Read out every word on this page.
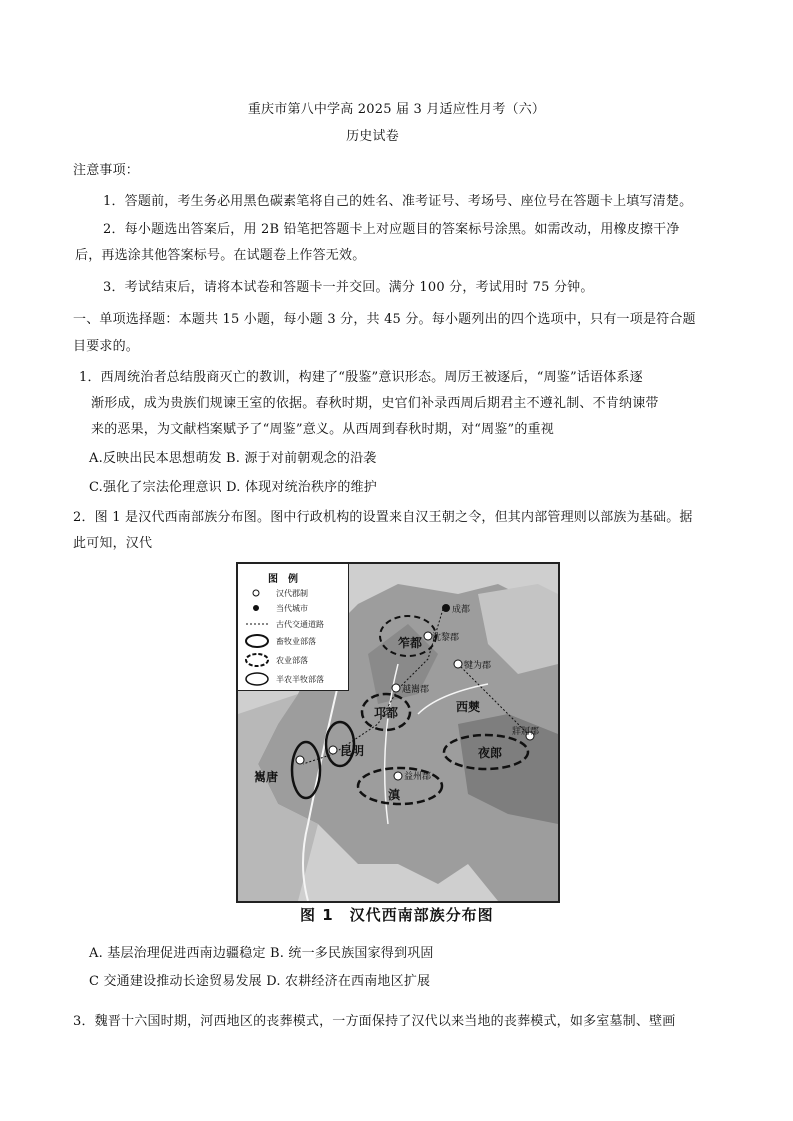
重庆市第八中学高 2025 届 3 月适应性月考（六）
历史试卷
注意事项：
1．答题前，考生务必用黑色碳素笔将自己的姓名、准考证号、考场号、座位号在答题卡上填写清楚。
2．每小题选出答案后，用 2B 铅笔把答题卡上对应题目的答案标号涂黑。如需改动，用橡皮擦干净
后，再选涂其他答案标号。在试题卷上作答无效。
3．考试结束后，请将本试卷和答题卡一并交回。满分 100 分，考试用时 75 分钟。
一、单项选择题：本题共 15 小题，每小题 3 分，共 45 分。每小题列出的四个选项中，只有一项是符合题
目要求的。
1．西周统治者总结殷商灭亡的教训，构建了“殷鉴”意识形态。周厉王被逐后，“周鉴”话语体系逐
渐形成，成为贵族们规谏王室的依据。春秋时期，史官们补录西周后期君主不遵礼制、不肯纳谏带
来的恶果，为文献档案赋予了“周鉴”意义。从西周到春秋时期，对“周鉴”的重视
A.反映出民本思想萌发 B. 源于对前朝观念的沿袭
C.强化了宗法伦理意识 D. 体现对统治秩序的维护
2．图 1 是汉代西南部族分布图。图中行政机构的设置来自汉王朝之令，但其内部管理则以部族为基础。据
此可知，汉代
图　例
汉代郡制
当代城市
古代交通道路
畜牧业部落
农业部落
半农半牧部落
成都
笮都 沈黎郡
犍为郡
越巂郡
邛都	西僰
牂牁郡
夜郎
昆明
嶲唐	益州郡
滇
图 1　汉代西南部族分布图
A. 基层治理促进西南边疆稳定 B. 统一多民族国家得到巩固
C 交通建设推动长途贸易发展 D. 农耕经济在西南地区扩展
3．魏晋十六国时期，河西地区的丧葬模式，一方面保持了汉代以来当地的丧葬模式，如多室墓制、壁画
